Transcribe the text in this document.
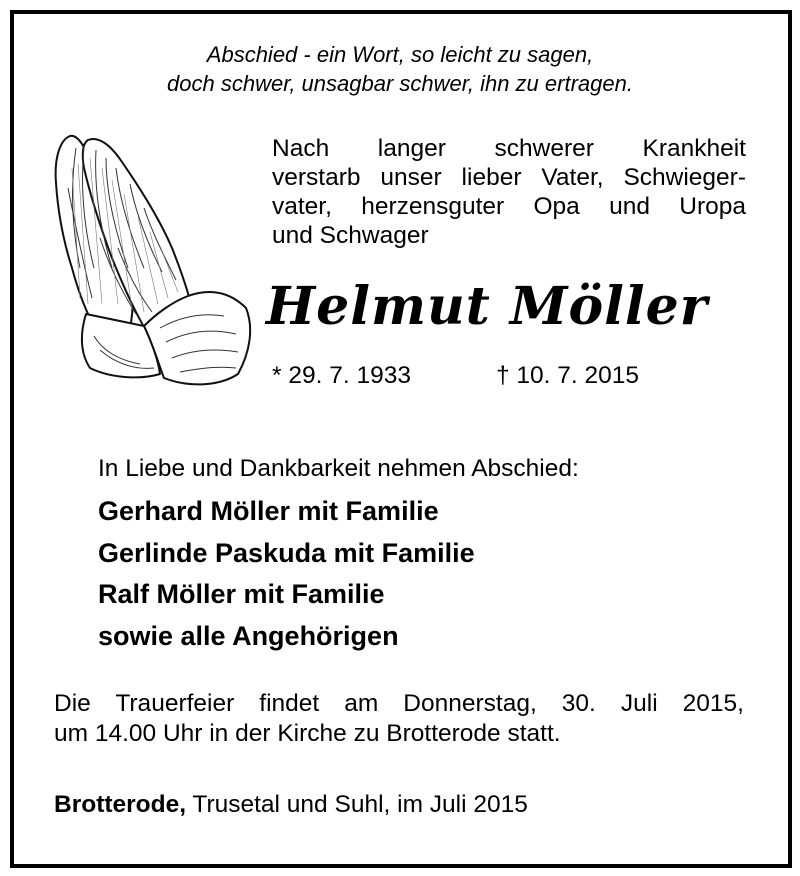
Abschied - ein Wort, so leicht zu sagen,
doch schwer, unsagbar schwer, ihn zu ertragen.
Nach langer schwerer Krankheit
verstarb unser lieber Vater, Schwieger-
vater, herzensguter Opa und Uropa
und Schwager
Helmut Möller
* 29. 7. 1933	† 10. 7. 2015
In Liebe und Dankbarkeit nehmen Abschied:
Gerhard Möller mit Familie
Gerlinde Paskuda mit Familie
Ralf Möller mit Familie
sowie alle Angehörigen
Die Trauerfeier findet am Donnerstag, 30. Juli 2015,
um 14.00 Uhr in der Kirche zu Brotterode statt.
Brotterode, Trusetal und Suhl, im Juli 2015
